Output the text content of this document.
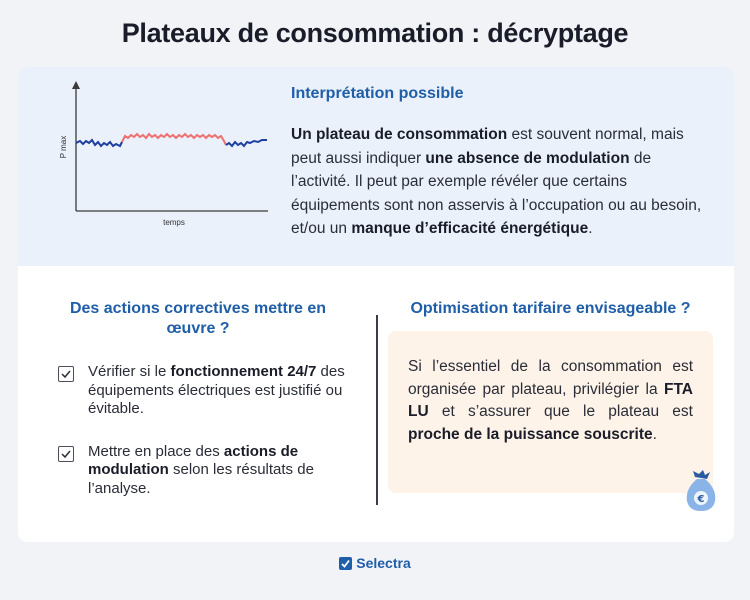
Plateaux de consommation : décryptage
P max
temps
Interprétation possible
Un plateau de consommation est souvent normal, mais peut aussi indiquer une absence de modulation de l’activité. Il peut par exemple révéler que certains équipements sont non asservis à l’occupation ou au besoin, et/ou un manque d’efficacité énergétique.
Des actions correctives mettre en œuvre ?
Vérifier si le fonctionnement 24/7 des équipements électriques est justifié ou évitable.
Mettre en place des actions de modulation selon les résultats de l’analyse.
Optimisation tarifaire envisageable ?
Si l’essentiel de la consommation est organisée par plateau, privilégier la FTA LU et s’assurer que le plateau est proche de la puissance souscrite.
€
Selectra
